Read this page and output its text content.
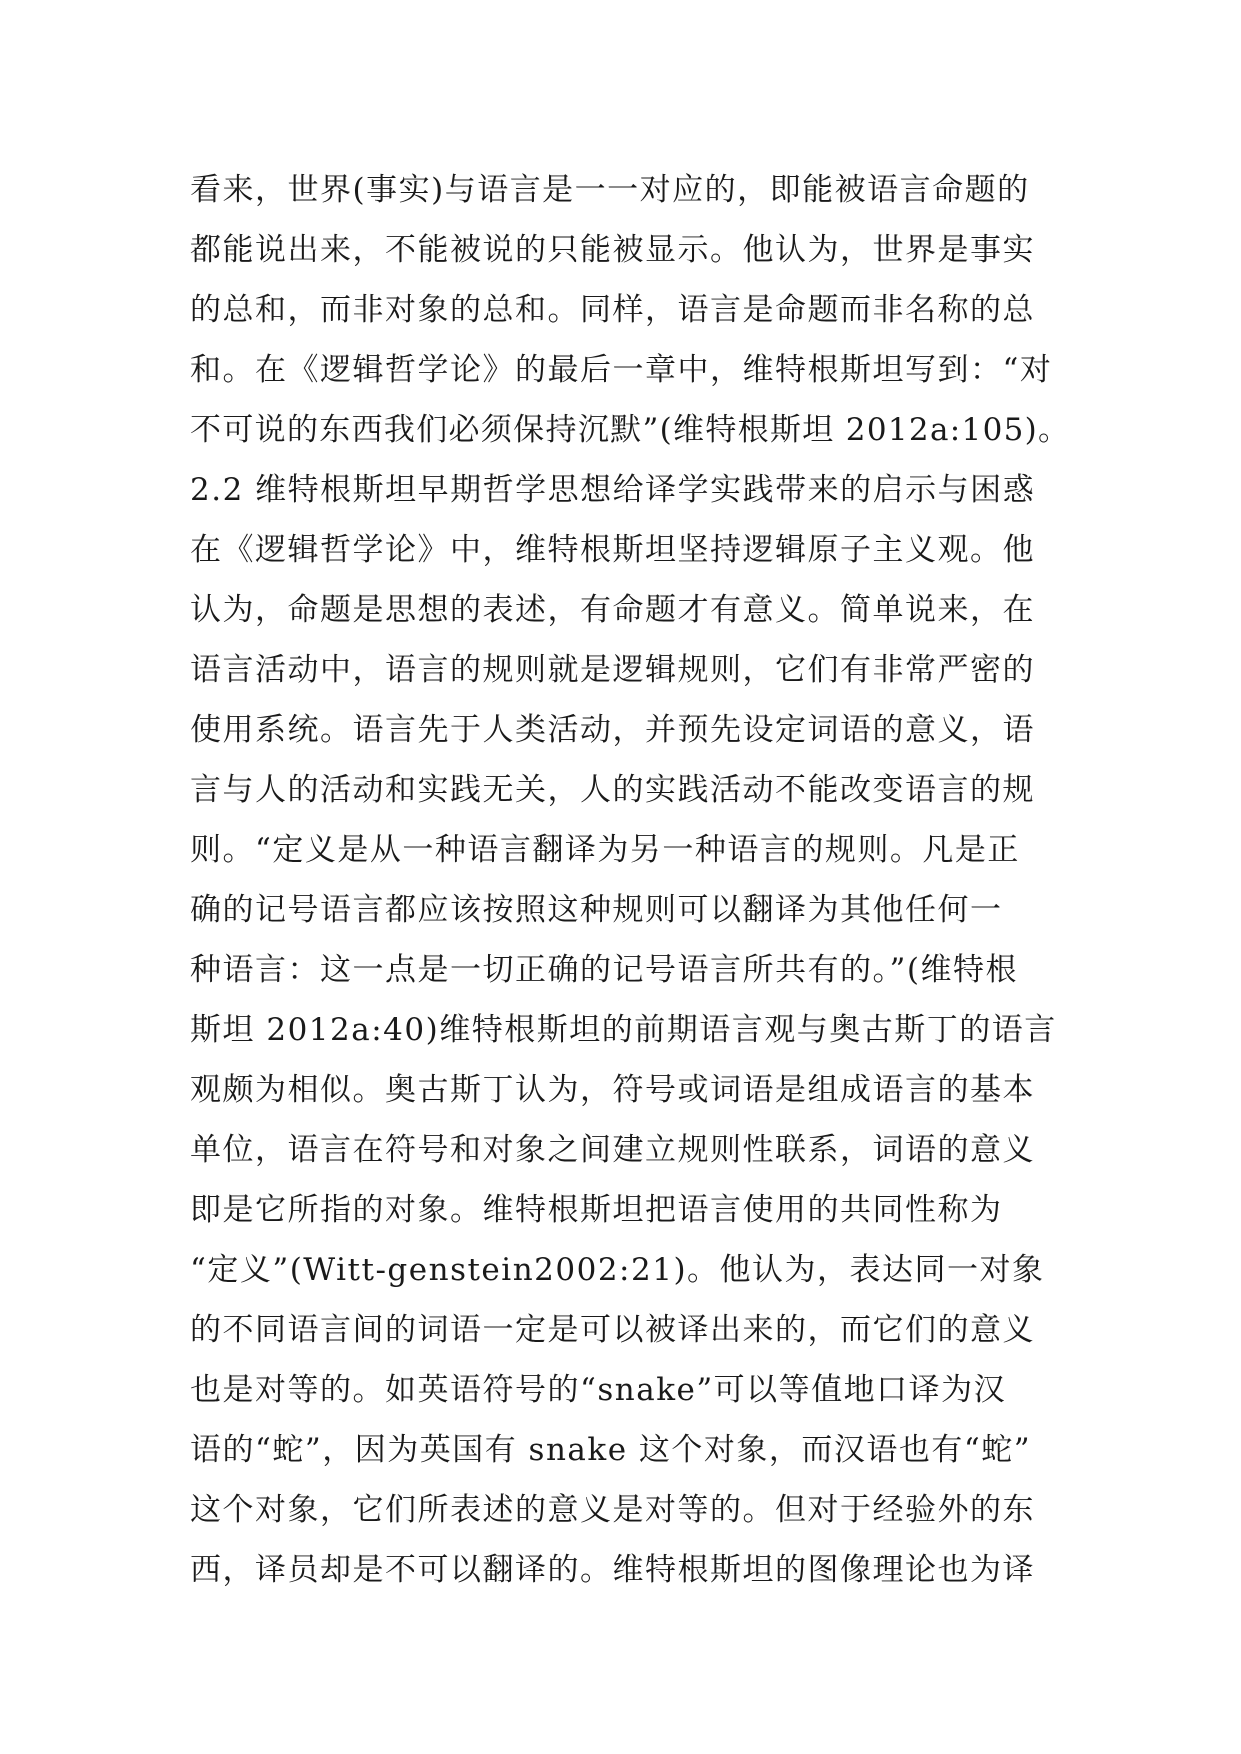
看来，世界(事实)与语言是一一对应的，即能被语言命题的
都能说出来，不能被说的只能被显示。他认为，世界是事实
的总和，而非对象的总和。同样，语言是命题而非名称的总
和。在《逻辑哲学论》的最后一章中，维特根斯坦写到：“对
不可说的东西我们必须保持沉默”(维特根斯坦 2012a:105)。
2.2 维特根斯坦早期哲学思想给译学实践带来的启示与困惑
在《逻辑哲学论》中，维特根斯坦坚持逻辑原子主义观。他
认为，命题是思想的表述，有命题才有意义。简单说来，在
语言活动中，语言的规则就是逻辑规则，它们有非常严密的
使用系统。语言先于人类活动，并预先设定词语的意义，语
言与人的活动和实践无关，人的实践活动不能改变语言的规
则。“定义是从一种语言翻译为另一种语言的规则。凡是正
确的记号语言都应该按照这种规则可以翻译为其他任何一
种语言：这一点是一切正确的记号语言所共有的。”(维特根
斯坦 2012a:40)维特根斯坦的前期语言观与奥古斯丁的语言
观颇为相似。奥古斯丁认为，符号或词语是组成语言的基本
单位，语言在符号和对象之间建立规则性联系，词语的意义
即是它所指的对象。维特根斯坦把语言使用的共同性称为
“定义”(Witt-genstein2002:21)。他认为，表达同一对象
的不同语言间的词语一定是可以被译出来的，而它们的意义
也是对等的。如英语符号的“snake”可以等值地口译为汉
语的“蛇”，因为英国有 snake 这个对象，而汉语也有“蛇”
这个对象，它们所表述的意义是对等的。但对于经验外的东
西，译员却是不可以翻译的。维特根斯坦的图像理论也为译
